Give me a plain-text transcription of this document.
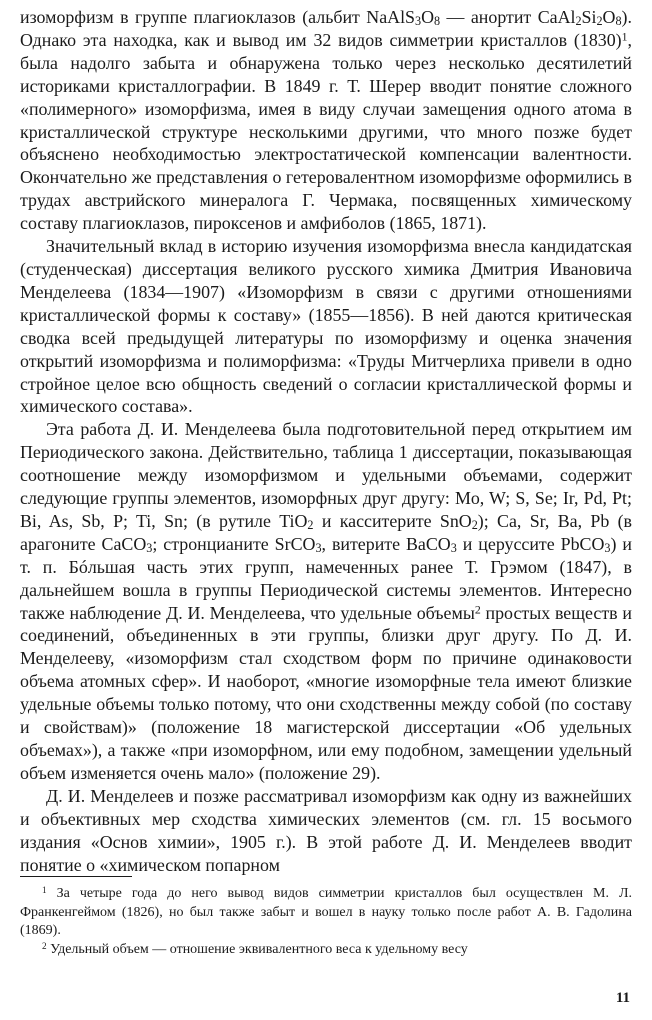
изоморфизм в группе плагиоклазов (альбит $NaAlS_3O_8$ — анортит $CaAl_2Si_2O_8$). Однако эта находка, как и вывод им 32 видов симметрии кристаллов $(1830)^1$, была надолго забыта и обнаружена только через несколько десятилетий историками кристаллографии. В 1849 г. Т. Шерер вводит понятие сложного «полимерного» изоморфизма, имея в виду случаи замещения одного атома в кристаллической структуре несколькими другими, что много позже будет объяснено необходимостью электростатической компенсации валентности. Окончательно же представления о гетеровалентном изоморфизме оформились в трудах австрийского минералога Г. Чермака, посвященных химическому составу плагиоклазов, пироксенов и амфиболов (1865, 1871).

Значительный вклад в историю изучения изоморфизма внесла кандидатская (студенческая) диссертация великого русского химика Дмитрия Ивановича Менделеева (1834—1907) «Изоморфизм в связи с другими отношениями кристаллической формы к составу» (1855—1856). В ней даются критическая сводка всей предыдущей литературы по изоморфизму и оценка значения открытий изоморфизма и полиморфизма: «Труды Митчерлиха привели в одно стройное целое всю общность сведений о согласии кристаллической формы и химического состава».

Эта работа Д. И. Менделеева была подготовительной перед открытием им Периодического закона. Действительно, таблица 1 диссертации, показывающая соотношение между изоморфизмом и удельными объемами, содержит следующие группы элементов, изоморфных друг другу: Mo, W; S, Se; Ir, Pd, Pt; Bi, As, Sb, P; Ti, Sn; (в рутиле TiO$_2$ и касситерите SnO$_2$); Ca, Sr, Ba, Pb (в арагоните CaCO$_3$; стронцианите SrCO$_3$, витерите BaCO$_3$ и церуссите PbCO$_3$) и т. п. Бóльшая часть этих групп, намеченных ранее Т. Грэмом (1847), в дальнейшем вошла в группы Периодической системы элементов. Интересно также наблюдение Д. И. Менделеева, что удельные объемы$^2$ простых веществ и соединений, объединенных в эти группы, близки друг другу. По Д. И. Менделееву, «изоморфизм стал сходством форм по причине одинаковости объема атомных сфер». И наоборот, «многие изоморфные тела имеют близкие удельные объемы только потому, что они сходственны между собой (по составу и свойствам)» (положение 18 магистерской диссертации «Об удельных объемах»), а также «при изоморфном, или ему подобном, замещении удельный объем изменяется очень мало» (положение 29).

Д. И. Менделеев и позже рассматривал изоморфизм как одну из важнейших и объективных мер сходства химических элементов (см. гл. 15 восьмого издания «Основ химии», 1905 г.). В этой работе Д. И. Менделеев вводит понятие о «химическом попарном

$^1$ За четыре года до него вывод видов симметрии кристаллов был осуществлен М. Л. Франкенгеймом (1826), но был также забыт и вошел в науку только после работ А. В. Гадолина (1869).

$^2$ Удельный объем — отношение эквивалентного веса к удельному весу

11
